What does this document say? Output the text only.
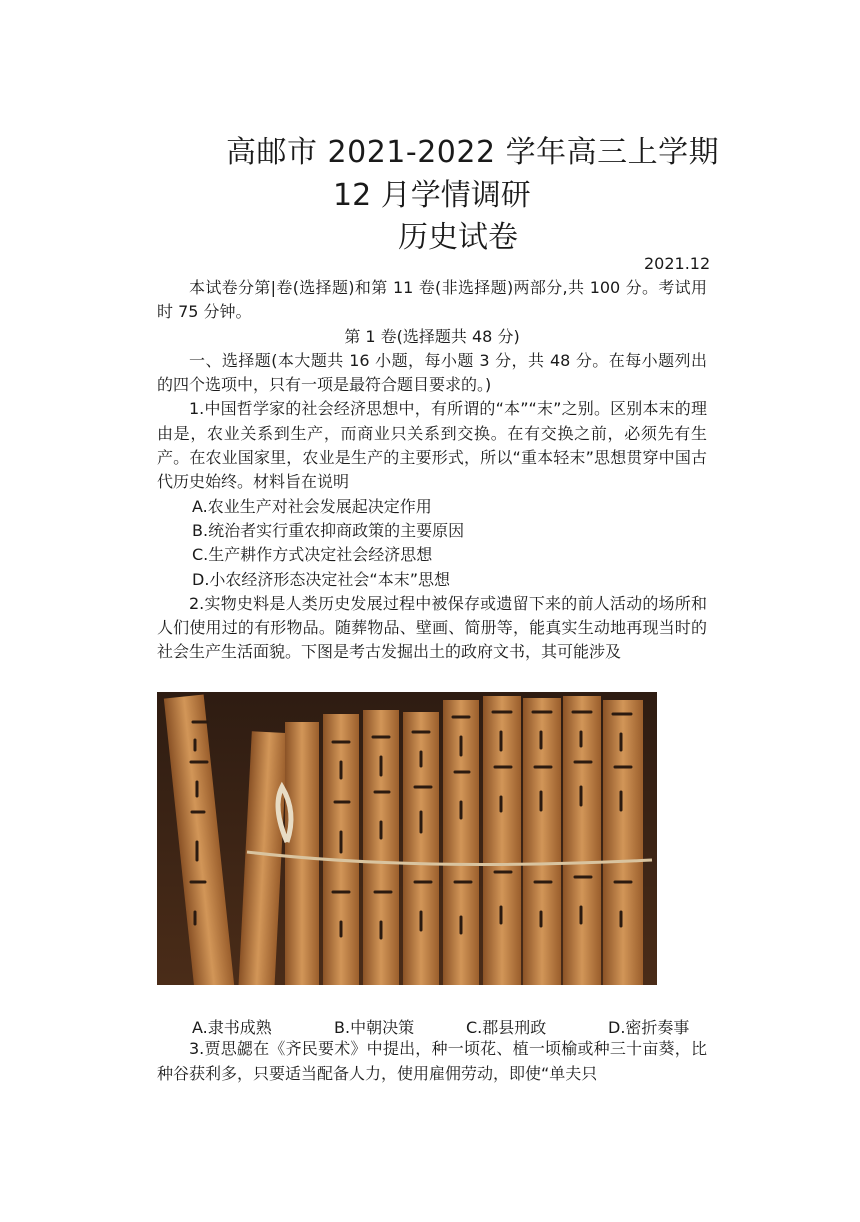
高邮市 2021-2022 学年高三上学期
12 月学情调研
历史试卷
2021.12

本试卷分第|卷(选择题)和第 11 卷(非选择题)两部分,共 100 分。考试用时 75 分钟。

第 1 卷(选择题共 48 分)

一、选择题(本大题共 16 小题，每小题 3 分，共 48 分。在每小题列出的四个选项中，只有一项是最符合题目要求的。)

1.中国哲学家的社会经济思想中，有所谓的“本”“末”之别。区别本末的理由是，农业关系到生产，而商业只关系到交换。在有交换之前，必须先有生产。在农业国家里，农业是生产的主要形式，所以“重本轻末”思想贯穿中国古代历史始终。材料旨在说明

A.农业生产对社会发展起决定作用

B.统治者实行重农抑商政策的主要原因

C.生产耕作方式决定社会经济思想

D.小农经济形态决定社会“本末”思想

2.实物史料是人类历史发展过程中被保存或遗留下来的前人活动的场所和人们使用过的有形物品。随葬物品、壁画、简册等，能真实生动地再现当时的社会生产生活面貌。下图是考古发掘出土的政府文书，其可能涉及

A.隶书成熟	B.中朝决策	C.郡县刑政	D.密折奏事

3.贾思勰在《齐民要术》中提出，种一顷花、植一顷榆或种三十亩葵，比种谷获利多，只要适当配备人力，使用雇佣劳动，即使“单夫只
